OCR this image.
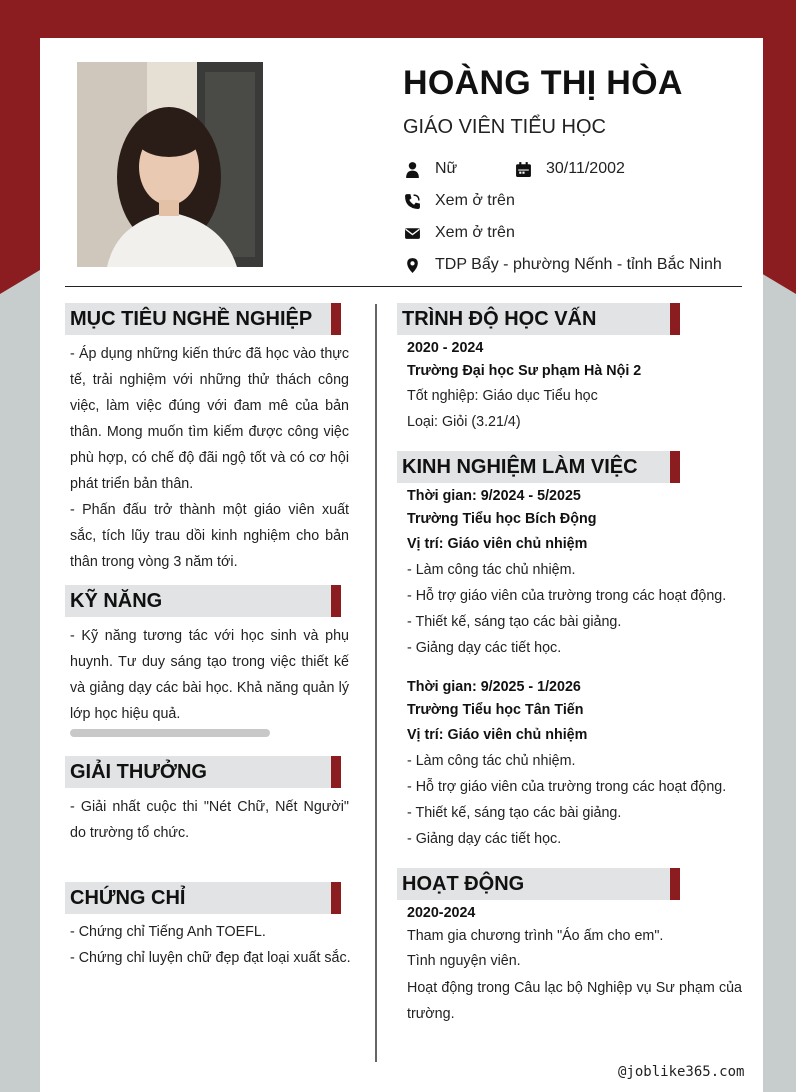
HOÀNG THỊ HÒA
GIÁO VIÊN TIỂU HỌC
Nữ	30/11/2002
Xem ở trên
Xem ở trên
TDP Bẩy - phường Nếnh - tỉnh Bắc Ninh
MỤC TIÊU NGHỀ NGHIỆP
- Áp dụng những kiến thức đã học vào thực tế, trải nghiệm với những thử thách công việc, làm việc đúng với đam mê của bản thân. Mong muốn tìm kiếm được công việc phù hợp, có chế độ đãi ngộ tốt và có cơ hội phát triển bản thân.
- Phấn đấu trở thành một giáo viên xuất sắc, tích lũy trau dồi kinh nghiệm cho bản thân trong vòng 3 năm tới.
KỸ NĂNG
- Kỹ năng tương tác với học sinh và phụ huynh. Tư duy sáng tạo trong việc thiết kế và giảng dạy các bài học. Khả năng quản lý lớp học hiệu quả.
GIẢI THƯỞNG
- Giải nhất cuộc thi "Nét Chữ, Nết Người" do trường tổ chức.
CHỨNG CHỈ
- Chứng chỉ Tiếng Anh TOEFL.
- Chứng chỉ luyện chữ đẹp đạt loại xuất sắc.
TRÌNH ĐỘ HỌC VẤN
2020 - 2024
Trường Đại học Sư phạm Hà Nội 2
Tốt nghiệp: Giáo dục Tiểu học
Loại: Giỏi (3.21/4)
KINH NGHIỆM LÀM VIỆC
Thời gian: 9/2024 - 5/2025
Trường Tiểu học Bích Động
Vị trí: Giáo viên chủ nhiệm
- Làm công tác chủ nhiệm.
- Hỗ trợ giáo viên của trường trong các hoạt động.
- Thiết kế, sáng tạo các bài giảng.
- Giảng dạy các tiết học.
Thời gian: 9/2025 - 1/2026
Trường Tiểu học Tân Tiến
Vị trí: Giáo viên chủ nhiệm
- Làm công tác chủ nhiệm.
- Hỗ trợ giáo viên của trường trong các hoạt động.
- Thiết kế, sáng tạo các bài giảng.
- Giảng dạy các tiết học.
HOẠT ĐỘNG
2020-2024
Tham gia chương trình "Áo ấm cho em".
Tình nguyện viên.
Hoạt động trong Câu lạc bộ Nghiệp vụ Sư phạm của trường.
@joblike365.com
